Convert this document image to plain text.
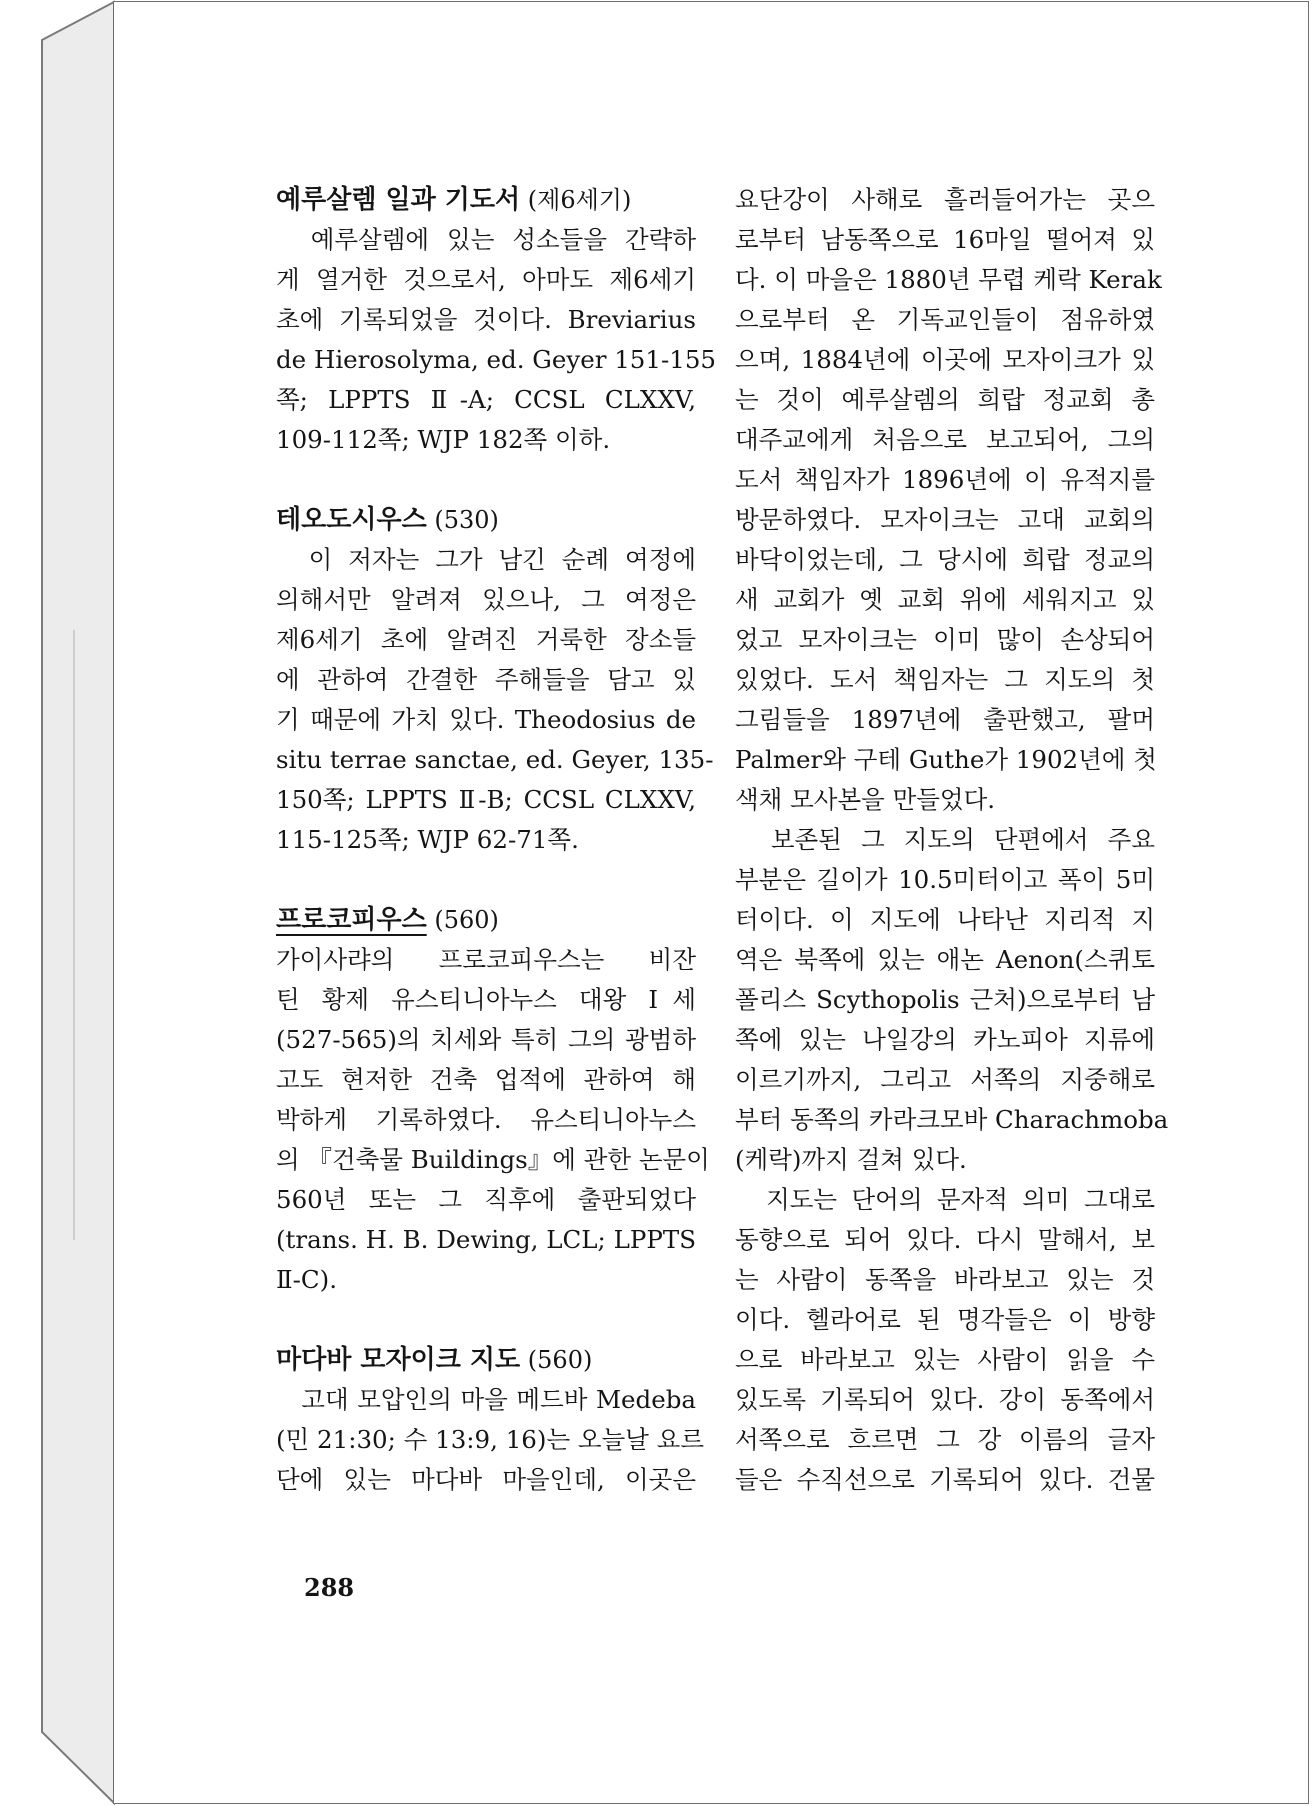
예루살렘 일과 기도서 (제6세기)
　예루살렘에 있는 성소들을 간략하
게 열거한 것으로서, 아마도 제6세기
초에 기록되었을 것이다. Breviarius
de Hierosolyma, ed. Geyer 151-155
쪽; LPPTS Ⅱ-A; CCSL CLXXV,
109-112쪽; WJP 182쪽 이하.
테오도시우스 (530)
　이 저자는 그가 남긴 순례 여정에
의해서만 알려져 있으나, 그 여정은
제6세기 초에 알려진 거룩한 장소들
에 관하여 간결한 주해들을 담고 있
기 때문에 가치 있다. Theodosius de
situ terrae sanctae, ed. Geyer, 135-
150쪽; LPPTS Ⅱ-B; CCSL CLXXV,
115-125쪽; WJP 62-71쪽.
프로코피우스 (560)
가이사랴의 프로코피우스는 비잔
틴 황제 유스티니아누스 대왕 Ⅰ세
(527-565)의 치세와 특히 그의 광범하
고도 현저한 건축 업적에 관하여 해
박하게 기록하였다. 유스티니아누스
의 『건축물 Buildings』에 관한 논문이
560년 또는 그 직후에 출판되었다
(trans. H. B. Dewing, LCL; LPPTS
Ⅱ-C).
마다바 모자이크 지도 (560)
　고대 모압인의 마을 메드바 Medeba
(민 21:30; 수 13:9, 16)는 오늘날 요르
단에 있는 마다바 마을인데, 이곳은
요단강이 사해로 흘러들어가는 곳으
로부터 남동쪽으로 16마일 떨어져 있
다. 이 마을은 1880년 무렵 케락 Kerak
으로부터 온 기독교인들이 점유하였
으며, 1884년에 이곳에 모자이크가 있
는 것이 예루살렘의 희랍 정교회 총
대주교에게 처음으로 보고되어, 그의
도서 책임자가 1896년에 이 유적지를
방문하였다. 모자이크는 고대 교회의
바닥이었는데, 그 당시에 희랍 정교의
새 교회가 옛 교회 위에 세워지고 있
었고 모자이크는 이미 많이 손상되어
있었다. 도서 책임자는 그 지도의 첫
그림들을 1897년에 출판했고, 팔머
Palmer와 구테 Guthe가 1902년에 첫
색채 모사본을 만들었다.
　보존된 그 지도의 단편에서 주요
부분은 길이가 10.5미터이고 폭이 5미
터이다. 이 지도에 나타난 지리적 지
역은 북쪽에 있는 애논 Aenon(스퀴토
폴리스 Scythopolis 근처)으로부터 남
쪽에 있는 나일강의 카노피아 지류에
이르기까지, 그리고 서쪽의 지중해로
부터 동쪽의 카라크모바 Charachmoba
(케락)까지 걸쳐 있다.
　지도는 단어의 문자적 의미 그대로
동향으로 되어 있다. 다시 말해서, 보
는 사람이 동쪽을 바라보고 있는 것
이다. 헬라어로 된 명각들은 이 방향
으로 바라보고 있는 사람이 읽을 수
있도록 기록되어 있다. 강이 동쪽에서
서쪽으로 흐르면 그 강 이름의 글자
들은 수직선으로 기록되어 있다. 건물
288
